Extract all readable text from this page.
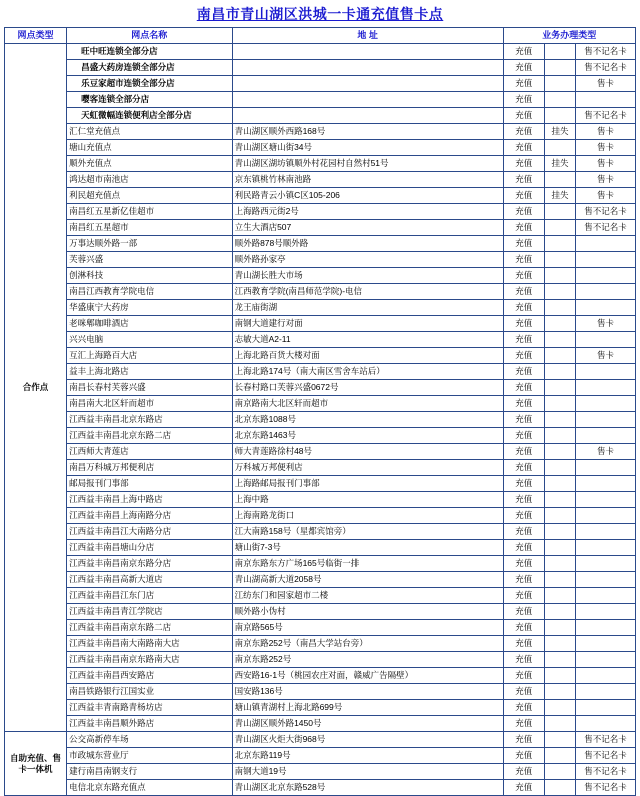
南昌市青山湖区洪城一卡通充值售卡点
网点类型	网点名称	地 址	业务办理类型		
合作点	旺中旺连锁全部分店		充值		售不记名卡
	昌盛大药房连锁全部分店		充值		售不记名卡
	乐豆家超市连锁全部分店		充值		售卡
	嘤客连锁全部分店		充值		
	天虹微幅连锁便利店全部分店		充值		售不记名卡
	汇仁堂充值点	青山湖区顺外西路168号	充值	挂失	售卡
	塘山充值点	青山湖区塘山街34号	充值		售卡
	顺外充值点	青山湖区湖坊镇顺外村花园村自然村51号	充值	挂失	售卡
	鸿达超市南池店	京东镇桃竹林南池路	充值		售卡
	利民超充值点	利民路青云小镇C区105-206	充值	挂失	售卡
	南昌红五星新亿佳超市	上海路西元街2号	充值		售不记名卡
	南昌红五星超市	立生大酒店507	充值		售不记名卡
	万事达顺外路一部	顺外路878号顺外路	充值		
	芙蓉兴盛	顺外路孙家亭	充值		
	创淋科技	青山湖长胜大市场	充值		
	南昌江西教育学院电信	江西教育学院(南昌师范学院)-电信	充值		
	华盛康宁大药房	龙王庙街湖	充值		
	老咪郫咖啡酒店	南钢大道建行对面	充值		售卡
	兴兴电脑	志敏大道A2-11	充值		
	互汇上海路百大店	上海北路百货大楼对面	充值		售卡
	益丰上海北路店	上海北路174号（南大南区雪舍车站后）	充值		
	南昌长春村芙蓉兴盛	长春村路口芙蓉兴盛0672号	充值		
	南昌南大北区轩而超市	南京路南大北区轩而超市	充值		
	江西益丰南昌北京东路店	北京东路1088号	充值		
	江西益丰南昌北京东路二店	北京东路1463号	充值		
	江西师大青莲店	师大青莲路徐村48号	充值		售卡
	南昌万科城万邦便利店	万科城万邦便利店	充值		
	邮局报刊门事部	上海路邮局报刊门事部	充值		
	江西益丰南昌上海中路店	上海中路	充值		
	江西益丰南昌上海南路分店	上海南路龙街口	充值		
	江西益丰南昌江大南路分店	江大南路158号（星都宾馆旁）	充值		
	江西益丰南昌塘山分店	塘山街7-3号	充值		
	江西益丰南昌南京东路分店	南京东路东方广场165号临街一排	充值		
	江西益丰南昌高新大道店	青山湖高新大道2058号	充值		
	江西益丰南昌江东门店	江纺东门和园家超市二楼	充值		
	江西益丰南昌青江学院店	顺外路小伪村	充值		
	江西益丰南昌南京东路二店	南京路565号	充值		
	江西益丰南昌南大南路南大店	南京东路252号（南昌大学站台旁）	充值		
	江西益丰南昌南京东路南大店	南京东路252号	充值		
	江西益丰南昌西安路店	西安路16-1号（桃园农庄对面，赣威广告隔壁）	充值		
	南昌铁路银行江国实业	国安路136号	充值		
	江西益丰青南路青杨坊店	塘山镇青湖村上海北路699号	充值		
	江西益丰南昌顺外路店	青山湖区顺外路1450号	充值		
自助充值、售卡一体机	公交高新停车场	青山湖区火炬大街968号	充值		售不记名卡
	市政城东营业厅	北京东路119号	充值		售不记名卡
	建行南昌南钢支行	南钢大道19号	充值		售不记名卡
	电信北京东路充值点	青山湖区北京东路528号	充值		售不记名卡
